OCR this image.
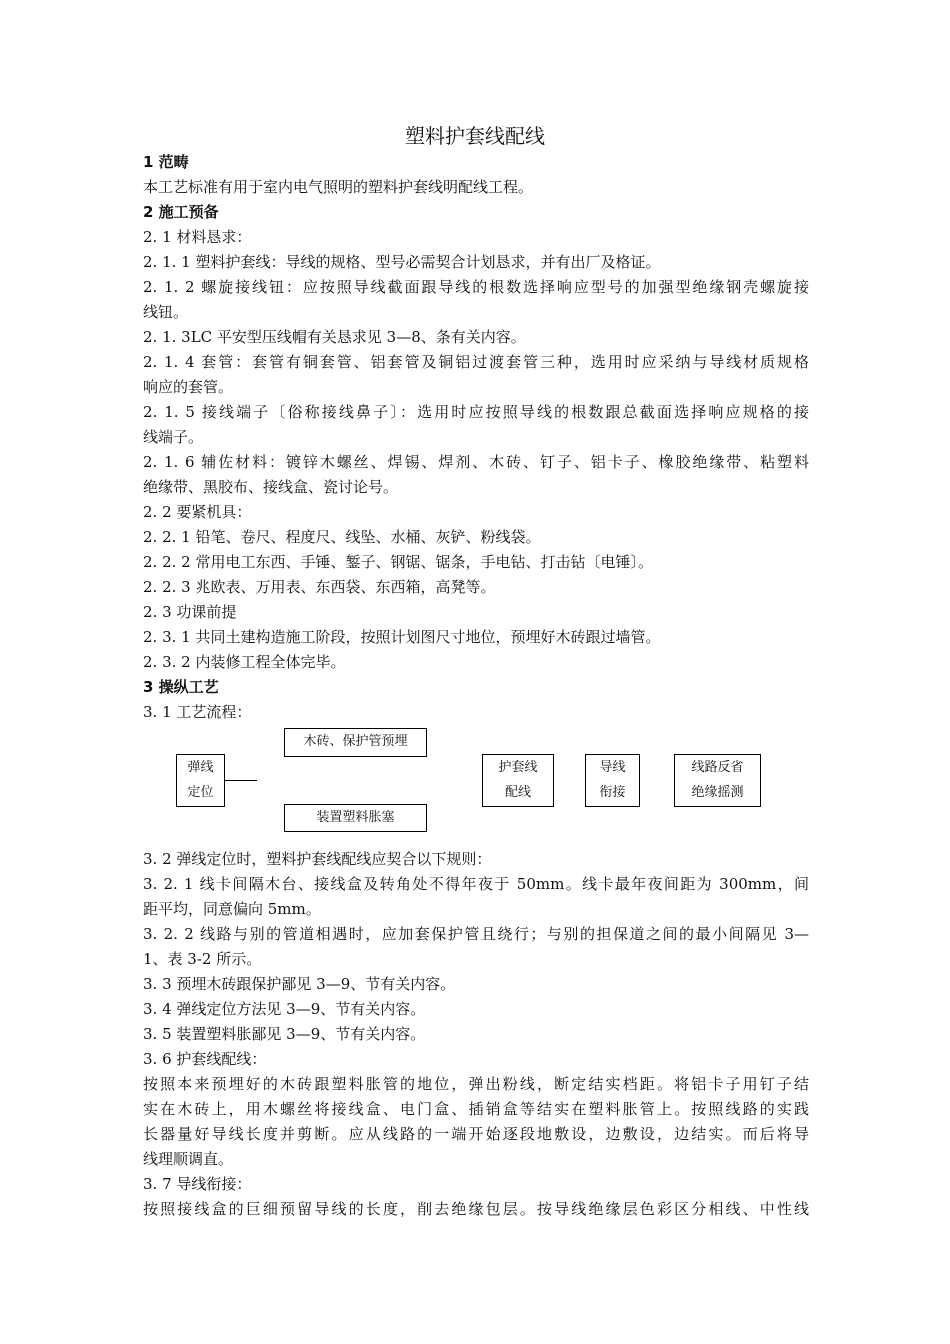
塑料护套线配线
1 范畴
本工艺标准有用于室内电气照明的塑料护套线明配线工程。
2 施工预备
2. 1 材料恳求：
2. 1. 1 塑料护套线：导线的规格、型号必需契合计划恳求，并有出厂及格证。
2. 1. 2 螺旋接线钮：应按照导线截面跟导线的根数选择响应型号的加强型绝缘钢壳螺旋接
线钮。
2. 1. 3LC 平安型压线帽有关恳求见 3—8、条有关内容。
2. 1. 4 套管：套管有铜套管、铝套管及铜铝过渡套管三种，选用时应采纳与导线材质规格
响应的套管。
2. 1. 5 接线端子〔俗称接线鼻子〕：选用时应按照导线的根数跟总截面选择响应规格的接
线端子。
2. 1. 6 辅佐材料：镀锌木螺丝、焊锡、焊剂、木砖、钉子、铝卡子、橡胶绝缘带、粘塑料
绝缘带、黑胶布、接线盒、瓷讨论号。
2. 2 要紧机具：
2. 2. 1 铅笔、卷尺、程度尺、线坠、水桶、灰铲、粉线袋。
2. 2. 2 常用电工东西、手锤、錾子、钢锯、锯条，手电钻、打击钻〔电锤〕。
2. 2. 3 兆欧表、万用表、东西袋、东西箱，高凳等。
2. 3 功课前提
2. 3. 1 共同土建构造施工阶段，按照计划图尺寸地位，预埋好木砖跟过墙管。
2. 3. 2 内装修工程全体完毕。
3 操纵工艺
3. 1 工艺流程：
木砖、保护管预埋
弹线
定位
装置塑料胀塞
护套线
配线
导线
衔接
线路反省
绝缘摇测
3. 2 弹线定位时，塑料护套线配线应契合以下规则：
3. 2. 1 线卡间隔木台、接线盒及转角处不得年夜于 50mm。线卡最年夜间距为 300mm，间
距平均，同意偏向 5mm。
3. 2. 2 线路与别的管道相遇时，应加套保护管且绕行；与别的担保道之间的最小间隔见 3—
1、表 3-2 所示。
3. 3 预埋木砖跟保护鄙见 3—9、节有关内容。
3. 4 弹线定位方法见 3—9、节有关内容。
3. 5 装置塑料胀鄙见 3—9、节有关内容。
3. 6 护套线配线：
按照本来预埋好的木砖跟塑料胀管的地位，弹出粉线，断定结实档距。将铝卡子用钉子结
实在木砖上，用木螺丝将接线盒、电门盒、插销盒等结实在塑料胀管上。按照线路的实践
长器量好导线长度并剪断。应从线路的一端开始逐段地敷设，边敷设，边结实。而后将导
线理顺调直。
3. 7 导线衔接：
按照接线盒的巨细预留导线的长度，削去绝缘包层。按导线绝缘层色彩区分相线、中性线
